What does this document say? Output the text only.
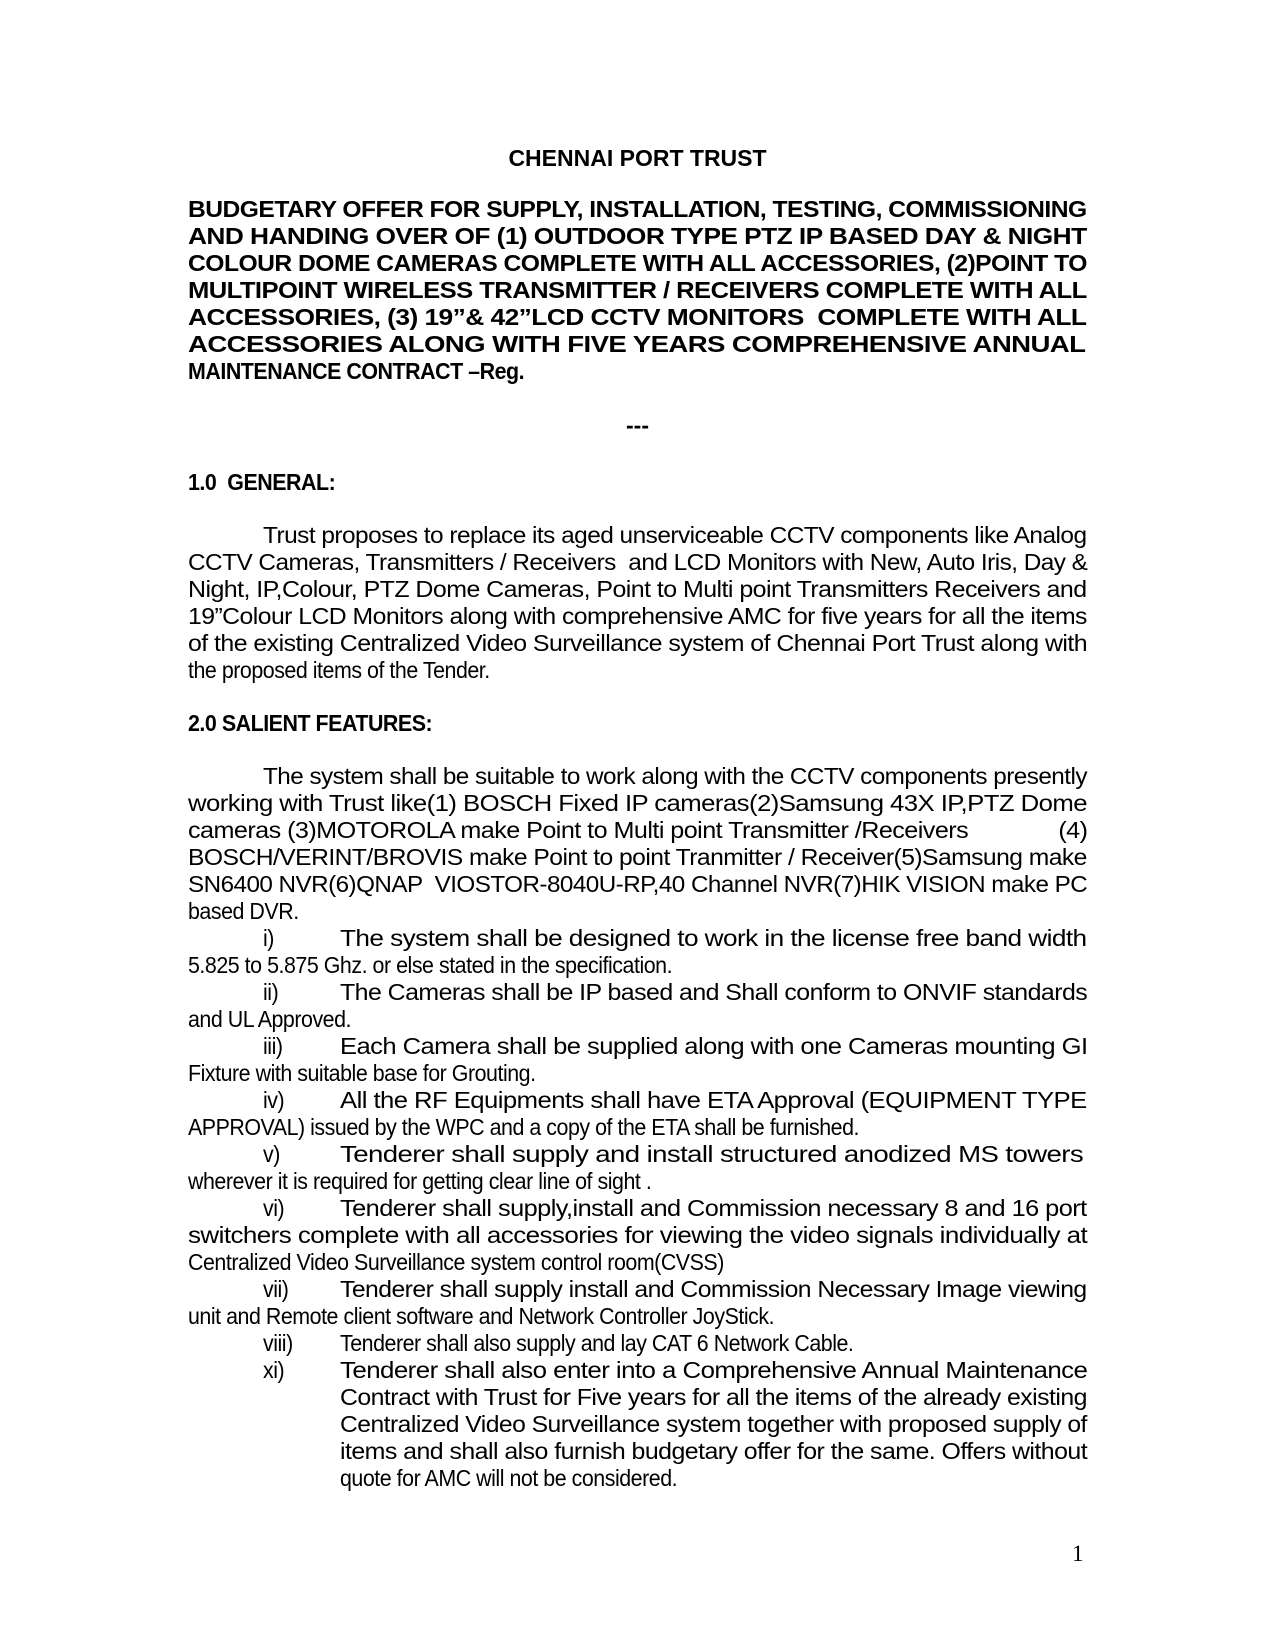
CHENNAI PORT TRUST
BUDGETARY OFFER FOR SUPPLY, INSTALLATION, TESTING, COMMISSIONING
AND HANDING OVER OF (1) OUTDOOR TYPE PTZ IP BASED DAY & NIGHT
COLOUR DOME CAMERAS COMPLETE WITH ALL ACCESSORIES, (2)POINT TO
MULTIPOINT WIRELESS TRANSMITTER / RECEIVERS COMPLETE WITH ALL
ACCESSORIES, (3) 19”& 42”LCD CCTV MONITORS  COMPLETE WITH ALL
ACCESSORIES ALONG WITH FIVE YEARS COMPREHENSIVE ANNUAL
MAINTENANCE CONTRACT –Reg.
---
1.0  GENERAL:
Trust proposes to replace its aged unserviceable CCTV components like Analog
CCTV Cameras, Transmitters / Receivers  and LCD Monitors with New, Auto Iris, Day &
Night, IP,Colour, PTZ Dome Cameras, Point to Multi point Transmitters Receivers and
19”Colour LCD Monitors along with comprehensive AMC for five years for all the items
of the existing Centralized Video Surveillance system of Chennai Port Trust along with
the proposed items of the Tender.
2.0 SALIENT FEATURES:
The system shall be suitable to work along with the CCTV components presently
working with Trust like(1) BOSCH Fixed IP cameras(2)Samsung 43X IP,PTZ Dome
cameras (3)MOTOROLA make Point to Multi point Transmitter /Receivers              (4)
BOSCH/VERINT/BROVIS make Point to point Tranmitter / Receiver(5)Samsung make
SN6400 NVR(6)QNAP  VIOSTOR-8040U-RP,40 Channel NVR(7)HIK VISION make PC
based DVR.
The system shall be designed to work in the license free band width
i)
5.825 to 5.875 Ghz. or else stated in the specification.
The Cameras shall be IP based and Shall conform to ONVIF standards
ii)
and UL Approved.
Each Camera shall be supplied along with one Cameras mounting GI
iii)
Fixture with suitable base for Grouting.
All the RF Equipments shall have ETA Approval (EQUIPMENT TYPE
iv)
APPROVAL) issued by the WPC and a copy of the ETA shall be furnished.
Tenderer shall supply and install structured anodized MS towers
v)
wherever it is required for getting clear line of sight .
Tenderer shall supply,install and Commission necessary 8 and 16 port
vi)
switchers complete with all accessories for viewing the video signals individually at
Centralized Video Surveillance system control room(CVSS)
Tenderer shall supply install and Commission Necessary Image viewing
vii)
unit and Remote client software and Network Controller JoyStick.
Tenderer shall also supply and lay CAT 6 Network Cable.
viii)
Tenderer shall also enter into a Comprehensive Annual Maintenance
xi)
Contract with Trust for Five years for all the items of the already existing
Centralized Video Surveillance system together with proposed supply of
items and shall also furnish budgetary offer for the same. Offers without
quote for AMC will not be considered.
1
